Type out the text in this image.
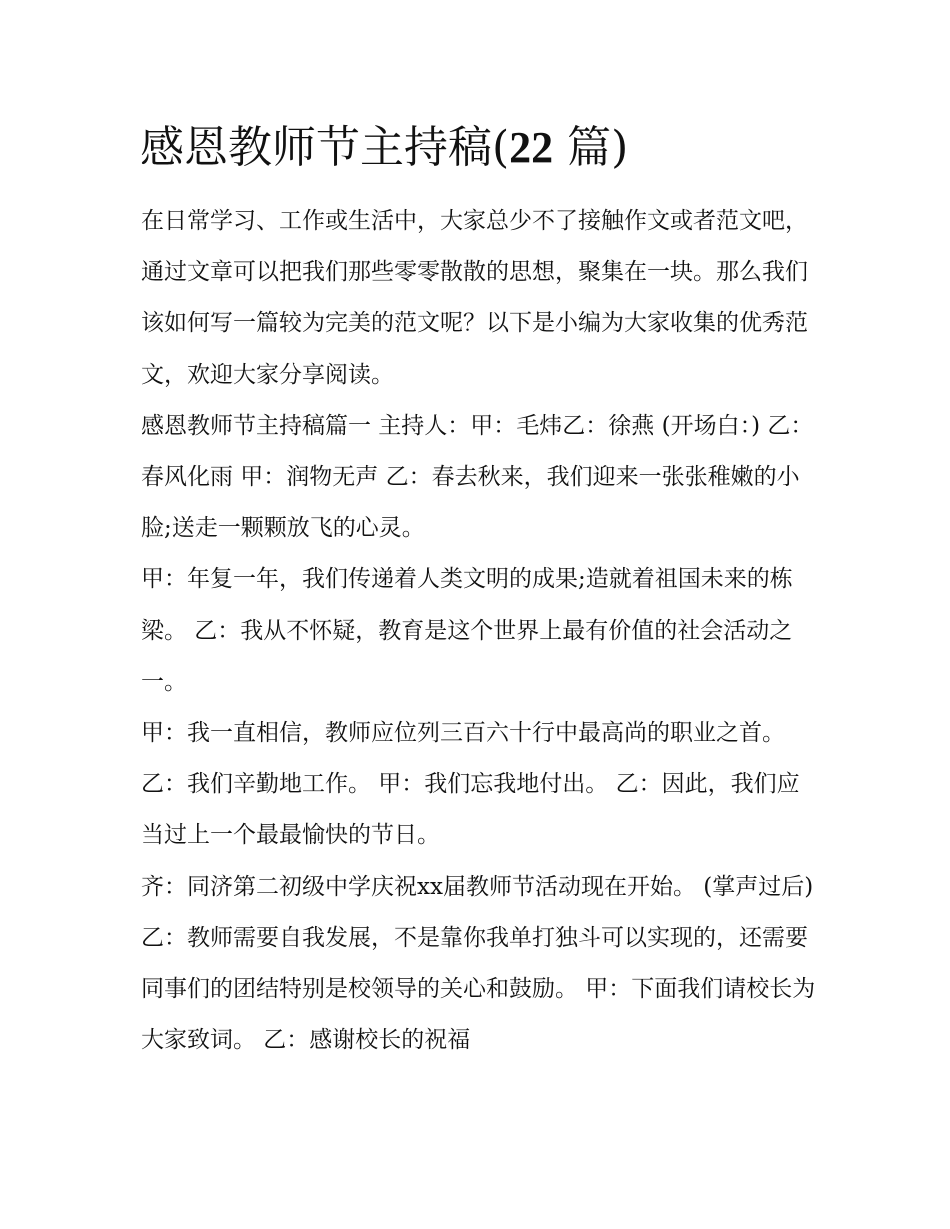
感恩教师节主持稿(22 篇)

在日常学习、工作或生活中，大家总少不了接触作文或者范文吧，通过文章可以把我们那些零零散散的思想，聚集在一块。那么我们该如何写一篇较为完美的范文呢？以下是小编为大家收集的优秀范文，欢迎大家分享阅读。

感恩教师节主持稿篇一 主持人：甲：毛炜乙：徐燕 (开场白：) 乙：春风化雨 甲：润物无声 乙：春去秋来，我们迎来一张张稚嫩的小脸;送走一颗颗放飞的心灵。

甲：年复一年，我们传递着人类文明的成果;造就着祖国未来的栋梁。 乙：我从不怀疑，教育是这个世界上最有价值的社会活动之一。

甲：我一直相信，教师应位列三百六十行中最高尚的职业之首。 乙：我们辛勤地工作。 甲：我们忘我地付出。 乙：因此，我们应当过上一个最最愉快的节日。

齐：同济第二初级中学庆祝xx届教师节活动现在开始。 (掌声过后)

乙：教师需要自我发展，不是靠你我单打独斗可以实现的，还需要同事们的团结特别是校领导的关心和鼓励。 甲：下面我们请校长为大家致词。 乙：感谢校长的祝福
